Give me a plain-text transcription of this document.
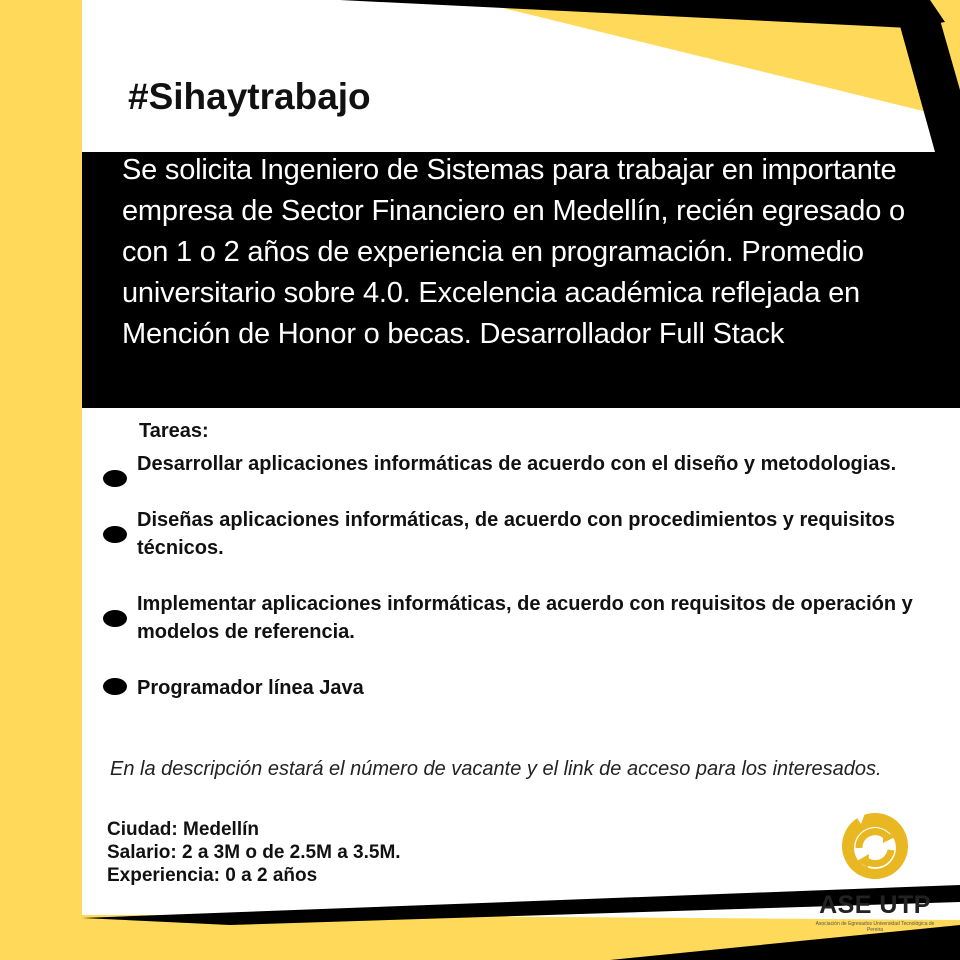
#Sihaytrabajo

Se solicita Ingeniero de Sistemas para trabajar en importante empresa de Sector Financiero en Medellín, recién egresado o con 1 o 2 años de experiencia en programación. Promedio universitario sobre 4.0. Excelencia académica reflejada en Mención de Honor o becas. Desarrollador Full Stack

Tareas:
Desarrollar aplicaciones informáticas de acuerdo con el diseño y metodologias.
Diseñas aplicaciones informáticas, de acuerdo con procedimientos y requisitos técnicos.
Implementar aplicaciones informáticas, de acuerdo con requisitos de operación y modelos de referencia.
Programador línea Java

En la descripción estará el número de vacante y el link de acceso para los interesados.

Ciudad: Medellín
Salario: 2 a 3M o de 2.5M a 3.5M.
Experiencia: 0 a 2 años
ASE UTP
Asociación de Egresados Universidad Tecnológica de Pereira
